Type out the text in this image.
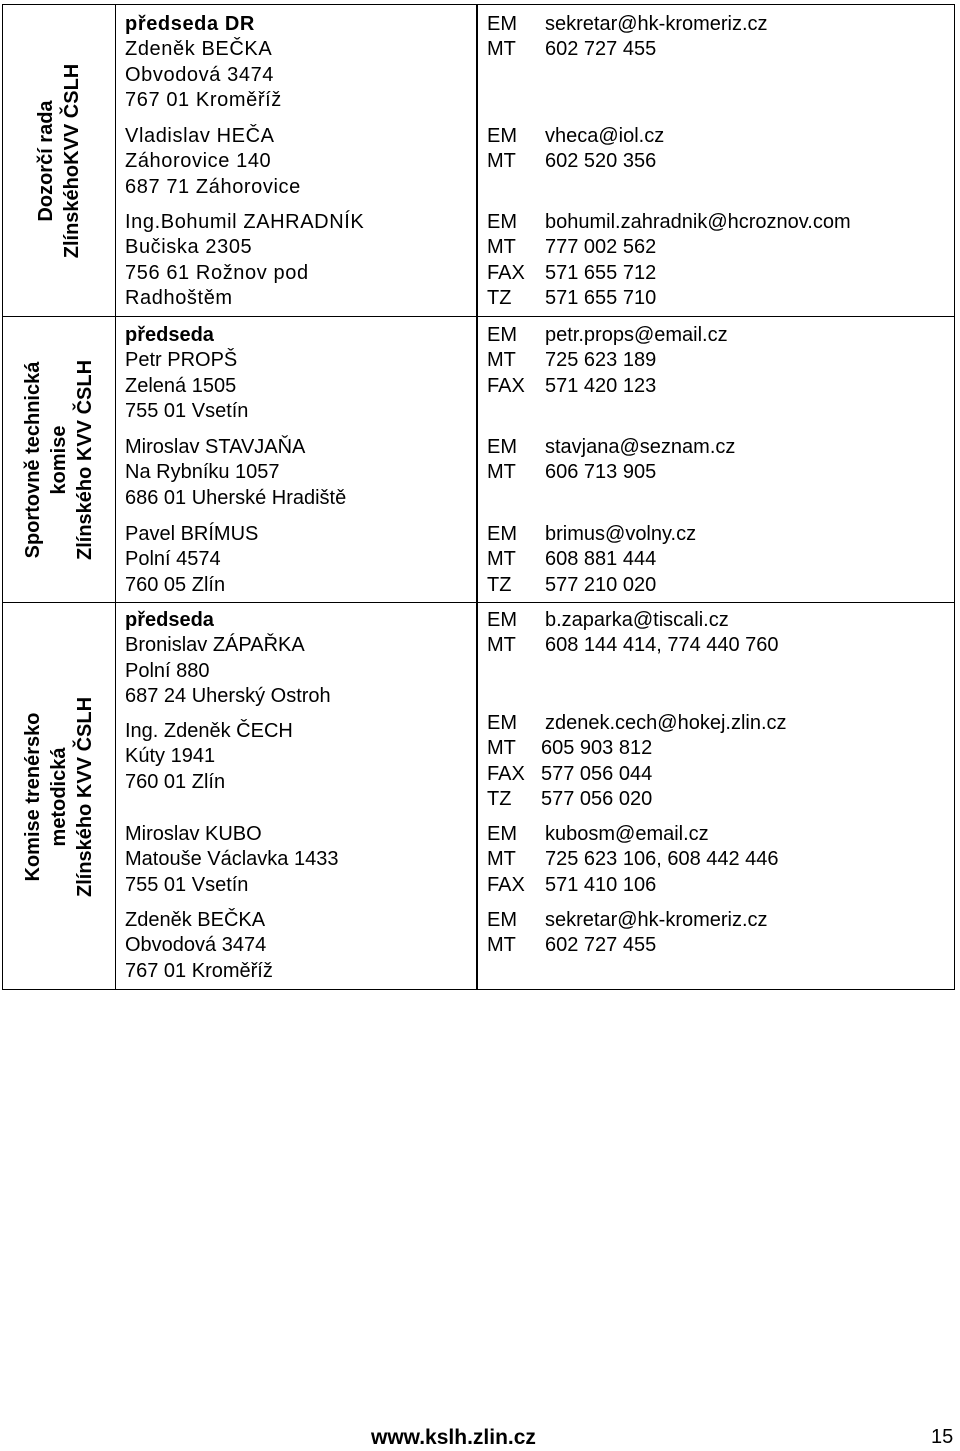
Dozorčí rada ZlínskéhoKVV ČSLH
předseda DR
Zdeněk BEČKA
Obvodová 3474
767 01 Kroměříž
EM sekretar@hk-kromeriz.cz
MT 602 727 455
Vladislav HEČA
Záhorovice 140
687 71 Záhorovice
EM vheca@iol.cz
MT 602 520 356
Ing.Bohumil ZAHRADNÍK
Bučiska 2305
756 61 Rožnov pod
Radhoštěm
EM bohumil.zahradnik@hcroznov.com
MT 777 002 562
FAX 571 655 712
TZ 571 655 710
Sportovně technická komise Zlínského KVV ČSLH
předseda
Petr PROPŠ
Zelená 1505
755 01 Vsetín
EM petr.props@email.cz
MT 725 623 189
FAX 571 420 123
Miroslav STAVJAŇA
Na Rybníku 1057
686 01 Uherské Hradiště
EM stavjana@seznam.cz
MT 606 713 905
Pavel BRÍMUS
Polní 4574
760 05 Zlín
EM brimus@volny.cz
MT 608 881 444
TZ 577 210 020
Komise trenérsko metodická Zlínského KVV ČSLH
předseda
Bronislav ZÁPAŘKA
Polní 880
687 24 Uherský Ostroh
EM b.zaparka@tiscali.cz
MT 608 144 414, 774 440 760
Ing. Zdeněk ČECH
Kúty 1941
760 01 Zlín
EM zdenek.cech@hokej.zlin.cz
MT 605 903 812
FAX 577 056 044
TZ 577 056 020
Miroslav KUBO
Matouše Václavka 1433
755 01 Vsetín
EM kubosm@email.cz
MT 725 623 106, 608 442 446
FAX 571 410 106
Zdeněk BEČKA
Obvodová 3474
767 01 Kroměříž
EM sekretar@hk-kromeriz.cz
MT 602 727 455
www.kslh.zlin.cz	15
